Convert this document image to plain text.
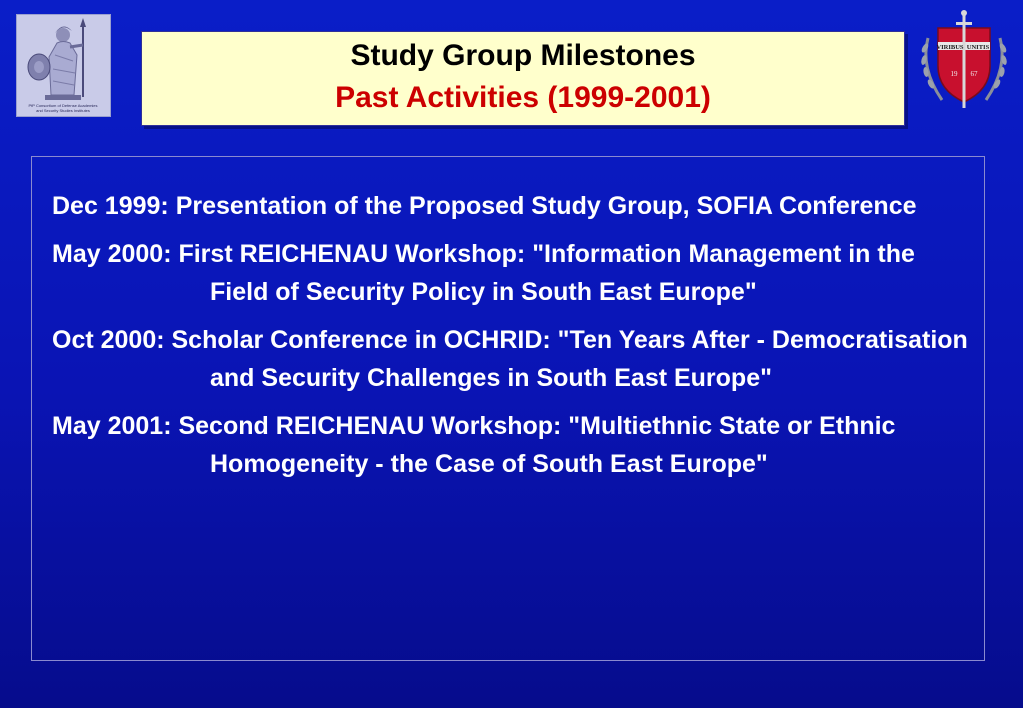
PfP Consortium of Defense Academies
and Security Studies Institutes
Study Group Milestones
Past Activities (1999-2001)
VIRIBUS UNITIS
19 67
Dec 1999: Presentation of the Proposed Study Group, SOFIA Conference
May 2000: First REICHENAU Workshop: "Information Management in the Field of Security Policy in South East Europe"
Oct 2000: Scholar Conference in OCHRID: "Ten Years After - Democratisation and Security Challenges in South East Europe"
May 2001: Second REICHENAU Workshop: "Multiethnic State or Ethnic Homogeneity - the Case of South East Europe"
